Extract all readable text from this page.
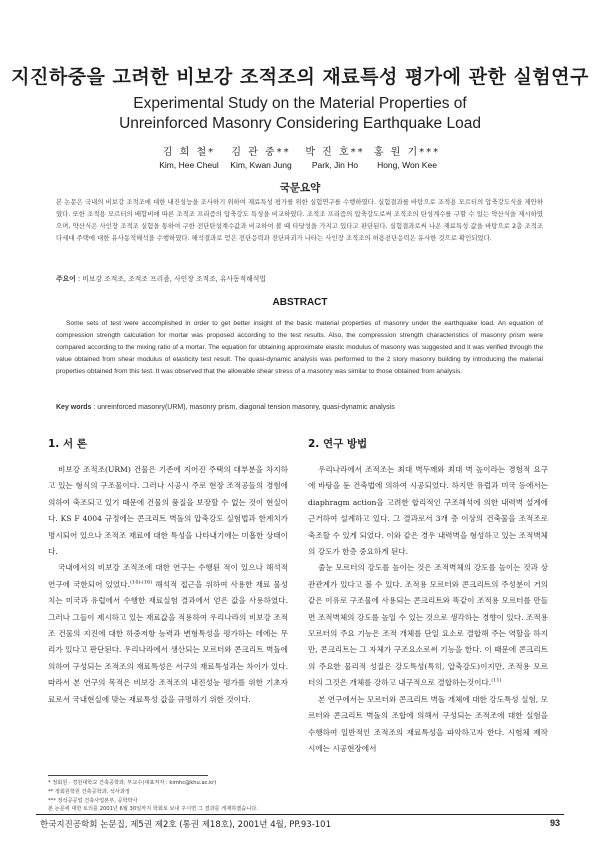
지진하중을 고려한 비보강 조적조의 재료특성 평가에 관한 실험연구
Experimental Study on the Material Properties of
Unreinforced Masonry Considering Earthquake Load
김 희 철*
Kim, Hee Cheul
김 관 중**
Kim, Kwan Jung
박 진 호**
Park, Jin Ho
홍 원 기***
Hong, Won Kee
국문요약
본 논문은 국내의 비보강 조적조에 대한 내진성능을 조사하기 위하여 재료특성 평가를 위한 실험연구를 수행하였다. 실험결과를 바탕으로 조적용 모르터의 압축강도식을 제안하였다. 또한 조적용 모르터의 배합비에 따른 조적조 프리즘의 압축강도 특성을 비교하였다. 조적조 프리즘의 압축강도로써 조적조의 탄성계수를 구할 수 있는 약산식을 제시하였으며, 약산식은 사인장 조적조 실험을 통하여 구한 전단탄성계수값과 비교하여 볼 때 타당성을 가지고 있다고 판단된다. 실험결과로써 나온 재료특성 값을 바탕으로 2층 조적조 다세대 주택에 대한 유사동적해석을 수행하였다. 해석결과로 얻은 전단응력과 전단파괴가 나타는 사인장 조적조의 허용전단응력은 유사한 것으로 확인되었다.
주요어 : 비보강 조적조, 조적조 프리즘, 사인장 조적조, 유사동적해석법
ABSTRACT

Some sets of test were accomplished in order to get better insight of the basic material properties of masonry under the earthquake load. An equation of compression strength calculation for mortar was proposed according to the test results. Also, the compression strength characteristics of masonry prism were compared according to the mixing ratio of a mortar. The equation for obtaining approximate elastic modulus of masonry was suggested and it was verified through the value obtained from shear modulus of elasticity test result. The quasi-dynamic analysis was performed to the 2 story masonry building by introducing the material properties obtained from this test. It was observed that the allowable shear stress of a masonry was similar to those obtained from analysis.

Key words : unreinforced masonry(URM), masonry prism, diagonal tension masonry, quasi-dynamic analysis
1. 서 론	2. 연구 방법

비보강 조적조(URM) 건물은 기존에 지어진 주택의 대부분을 차지하고 있는 형식의 구조물이다. 그러나 시공시 주로 현장 조적공들의 경험에 의하여 축조되고 있기 때문에 건물의 품질을 보장할 수 없는 것이 현실이다. KS F 4004 규정에는 콘크리트 벽돌의 압축강도 실험법과 한계치가 명시되어 있으나 조적조 재료에 대한 특성을 나타내기에는 미흡한 상태이다.

국내에서의 비보강 조적조에 대한 연구는 수행된 적이 있으나 해석적 연구에 국한되어 있었다.$^{(14)-(16)}$ 해석적 접근을 위하여 사용한 재료 물성치는 미국과 유럽에서 수행한 재료실험 결과에서 얻은 값을 사용하였다. 그러나 그들이 제시하고 있는 재료값을 적용하여 우리나라의 비보강 조적조 건물의 지진에 대한 하중저항 능력과 변형특성을 평가하는 데에는 무리가 있다고 판단된다. 우리나라에서 생산되는 모르터와 콘크리트 벽돌에 의하여 구성되는 조적조의 재료특성은 서구의 재료특성과는 차이가 있다. 따라서 본 연구의 목적은 비보강 조적조의 내진성능 평가를 위한 기초자료로서 국내현실에 맞는 재료특성 값을 규명하기 위한 것이다.

우리나라에서 조적조는 최대 벽두께와 최대 벽 높이라는 경험적 요구에 바탕을 둔 건축법에 의하여 시공되었다. 하지만 유럽과 미국 등에서는 diaphragm action을 고려한 합리적인 구조해석에 의한 내력벽 설계에 근거하여 설계하고 있다. 그 결과로서 3개 층 이상의 건축물을 조적조로 축조할 수 있게 되었다. 이와 같은 경우 내력벽을 형성하고 있는 조적벽체의 강도가 한층 중요하게 된다.

줄눈 모르터의 강도를 높이는 것은 조적벽체의 강도를 높이는 것과 상관관계가 있다고 볼 수 있다. 조적용 모르터와 콘크리트의 주성분이 거의 같은 이유로 구조물에 사용되는 콘크리트와 똑같이 조적용 모르터를 만들면 조적벽체의 강도를 높일 수 있는 것으로 생각하는 경향이 있다. 조적용 모르터의 주요 기능은 조적 개체를 단일 요소로 결합해 주는 역할을 하지만, 콘크리트는 그 자체가 구조요소로써 기능을 한다. 이 때문에 콘크리트의 주요한 물리적 성질은 강도특성(특히, 압축강도)이지만, 조적용 모르터의 그것은 개체를 강하고 내구적으로 결합하는것이다.$^{(11)}$

본 연구에서는 모르터와 콘크리트 벽돌 개체에 대한 강도특성 실험, 모르터와 콘크리트 벽돌의 조합에 의해서 구성되는 조적조에 대한 실험을 수행하여 일반적인 조적조의 재료특성을 파악하고자 한다. 시험체 제작 시에는 시공현장에서

* 정회원 · 경원대학교 건축공학과, 부교수(대표저자 : kimhc@khu.ac.kr)
** 정회원학원 건축공학과, 석사과정
*** 정석공공업 건축사업본부, 공학박사
본 논문에 대한 토의를 2001년 6월 30일까지 학회로 보내 주시면 그 결과를 게재하겠습니다.
한국지진공학회 논문집, 제5권 제2호 (통권 제18호), 2001년 4월, PP.93-101	93
